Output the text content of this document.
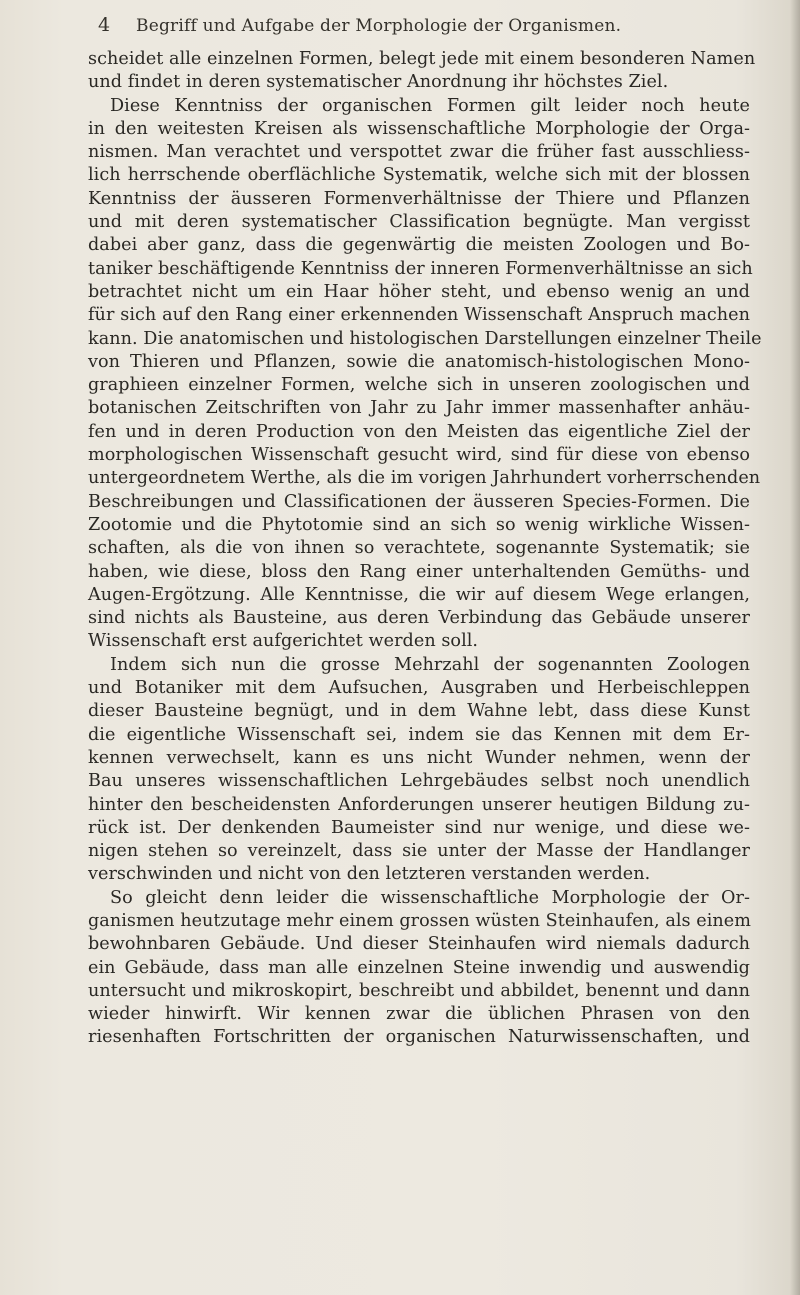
4 Begriff und Aufgabe der Morphologie der Organismen.
scheidet alle einzelnen Formen, belegt jede mit einem besonderen Namen
und findet in deren systematischer Anordnung ihr höchstes Ziel.
Diese Kenntniss der organischen Formen gilt leider noch heute
in den weitesten Kreisen als wissenschaftliche Morphologie der Orga-
nismen. Man verachtet und verspottet zwar die früher fast ausschliess-
lich herrschende oberflächliche Systematik, welche sich mit der blossen
Kenntniss der äusseren Formenverhältnisse der Thiere und Pflanzen
und mit deren systematischer Classification begnügte. Man vergisst
dabei aber ganz, dass die gegenwärtig die meisten Zoologen und Bo-
taniker beschäftigende Kenntniss der inneren Formenverhältnisse an sich
betrachtet nicht um ein Haar höher steht, und ebenso wenig an und
für sich auf den Rang einer erkennenden Wissenschaft Anspruch machen
kann. Die anatomischen und histologischen Darstellungen einzelner Theile
von Thieren und Pflanzen, sowie die anatomisch-histologischen Mono-
graphieen einzelner Formen, welche sich in unseren zoologischen und
botanischen Zeitschriften von Jahr zu Jahr immer massenhafter anhäu-
fen und in deren Production von den Meisten das eigentliche Ziel der
morphologischen Wissenschaft gesucht wird, sind für diese von ebenso
untergeordnetem Werthe, als die im vorigen Jahrhundert vorherrschenden
Beschreibungen und Classificationen der äusseren Species-Formen. Die
Zootomie und die Phytotomie sind an sich so wenig wirkliche Wissen-
schaften, als die von ihnen so verachtete, sogenannte Systematik; sie
haben, wie diese, bloss den Rang einer unterhaltenden Gemüths- und
Augen-Ergötzung. Alle Kenntnisse, die wir auf diesem Wege erlangen,
sind nichts als Bausteine, aus deren Verbindung das Gebäude unserer
Wissenschaft erst aufgerichtet werden soll.
Indem sich nun die grosse Mehrzahl der sogenannten Zoologen
und Botaniker mit dem Aufsuchen, Ausgraben und Herbeischleppen
dieser Bausteine begnügt, und in dem Wahne lebt, dass diese Kunst
die eigentliche Wissenschaft sei, indem sie das Kennen mit dem Er-
kennen verwechselt, kann es uns nicht Wunder nehmen, wenn der
Bau unseres wissenschaftlichen Lehrgebäudes selbst noch unendlich
hinter den bescheidensten Anforderungen unserer heutigen Bildung zu-
rück ist. Der denkenden Baumeister sind nur wenige, und diese we-
nigen stehen so vereinzelt, dass sie unter der Masse der Handlanger
verschwinden und nicht von den letzteren verstanden werden.
So gleicht denn leider die wissenschaftliche Morphologie der Or-
ganismen heutzutage mehr einem grossen wüsten Steinhaufen, als einem
bewohnbaren Gebäude. Und dieser Steinhaufen wird niemals dadurch
ein Gebäude, dass man alle einzelnen Steine inwendig und auswendig
untersucht und mikroskopirt, beschreibt und abbildet, benennt und dann
wieder hinwirft. Wir kennen zwar die üblichen Phrasen von den
riesenhaften Fortschritten der organischen Naturwissenschaften, und
